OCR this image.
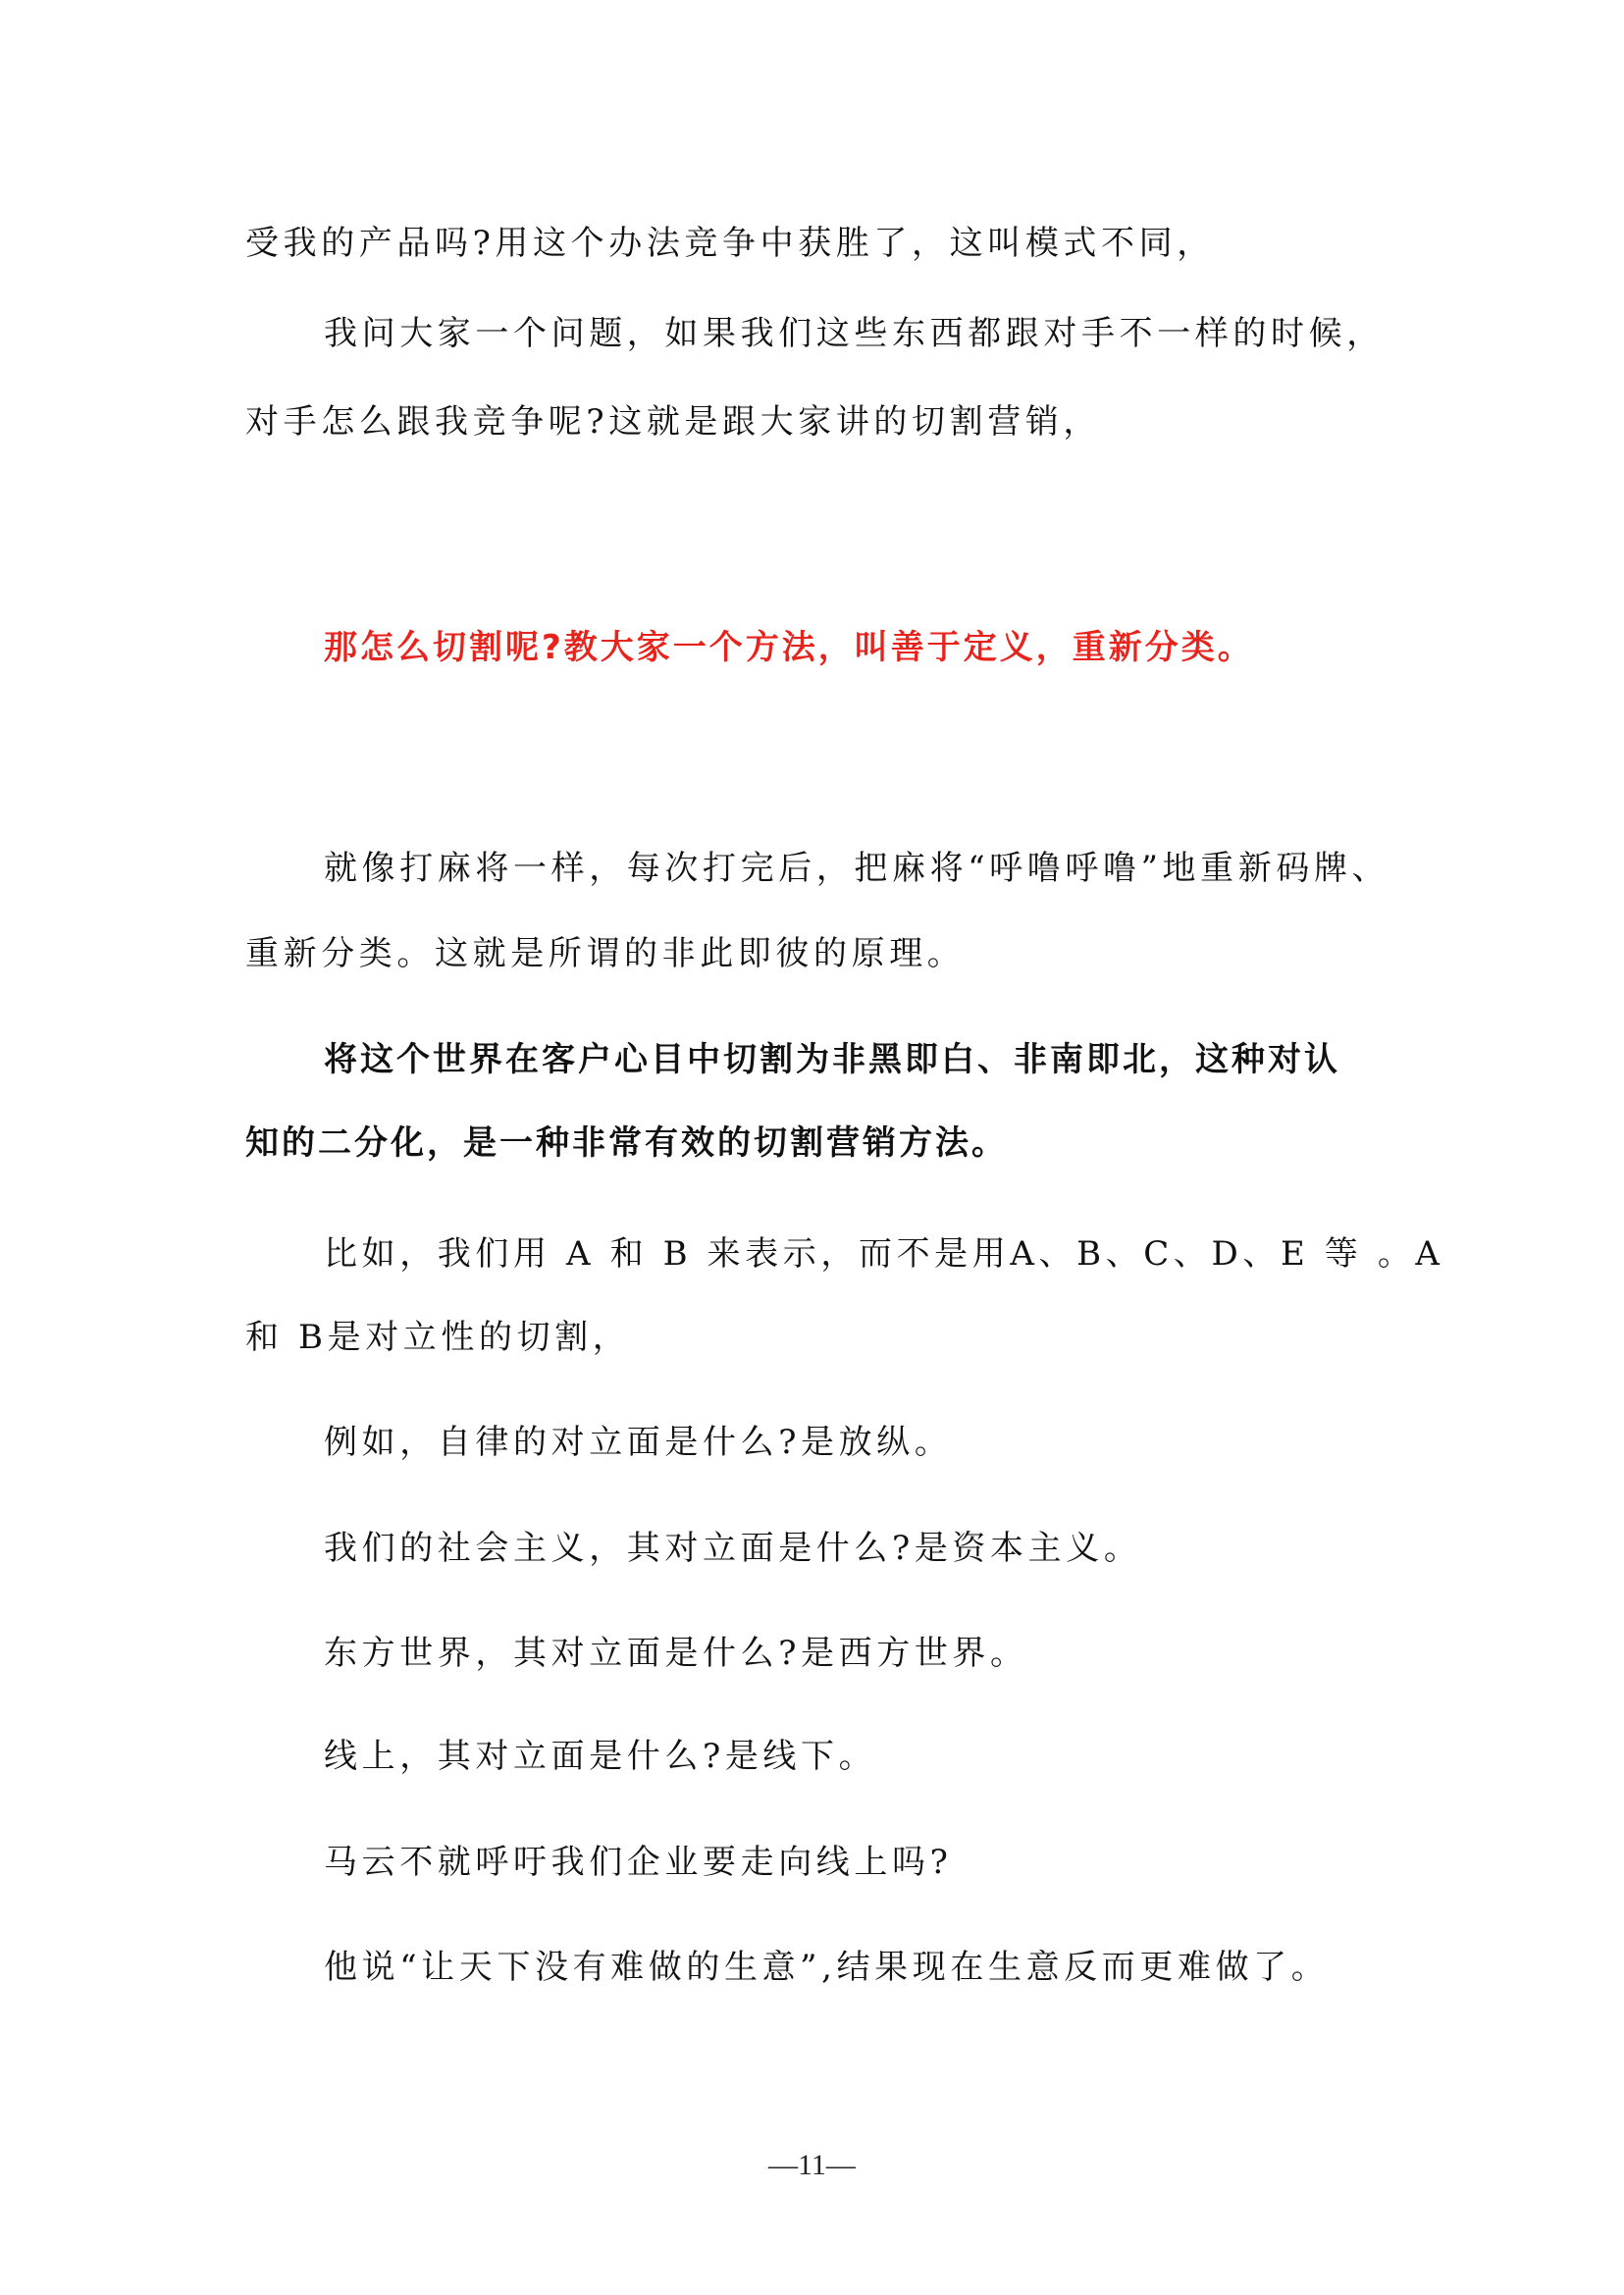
受我的产品吗?用这个办法竞争中获胜了，这叫模式不同，
我问大家一个问题，如果我们这些东西都跟对手不一样的时候，
对手怎么跟我竞争呢?这就是跟大家讲的切割营销，
那怎么切割呢?教大家一个方法，叫善于定义，重新分类。
就像打麻将一样，每次打完后，把麻将“呼噜呼噜”地重新码牌、
重新分类。这就是所谓的非此即彼的原理。
将这个世界在客户心目中切割为非黑即白、非南即北，这种对认
知的二分化，是一种非常有效的切割营销方法。
比如，我们用 A 和 B 来表示，而不是用A、B、C、D、E 等 。A
和 B是对立性的切割，
例如，自律的对立面是什么?是放纵。
我们的社会主义，其对立面是什么?是资本主义。
东方世界，其对立面是什么?是西方世界。
线上，其对立面是什么?是线下。
马云不就呼吁我们企业要走向线上吗?
他说“让天下没有难做的生意”,结果现在生意反而更难做了。
—11—
